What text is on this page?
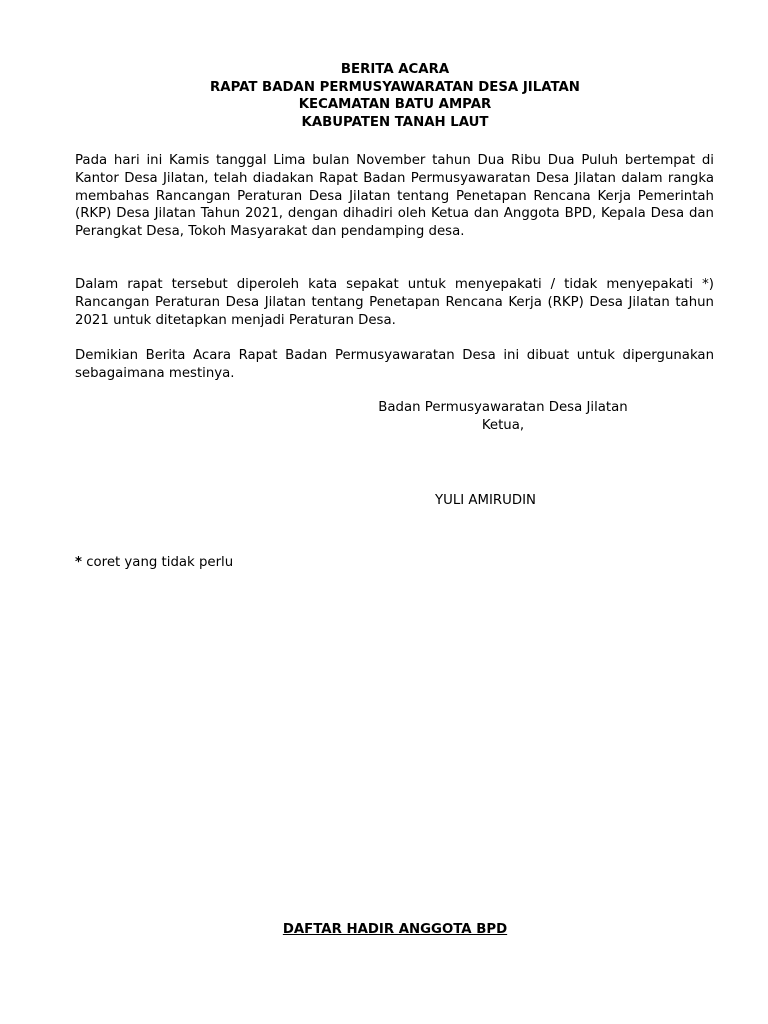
BERITA ACARA
RAPAT BADAN PERMUSYAWARATAN DESA JILATAN
KECAMATAN BATU AMPAR
KABUPATEN TANAH LAUT
Pada hari ini Kamis tanggal Lima bulan November tahun Dua Ribu Dua Puluh bertempat di Kantor Desa Jilatan, telah diadakan Rapat Badan Permusyawaratan Desa Jilatan dalam rangka membahas Rancangan Peraturan Desa Jilatan tentang Penetapan Rencana Kerja Pemerintah (RKP) Desa Jilatan Tahun 2021, dengan dihadiri oleh Ketua dan Anggota BPD, Kepala Desa dan Perangkat Desa, Tokoh Masyarakat dan pendamping desa.
Dalam rapat tersebut diperoleh kata sepakat untuk menyepakati / tidak menyepakati *) Rancangan Peraturan Desa Jilatan tentang Penetapan Rencana Kerja (RKP) Desa Jilatan tahun 2021 untuk ditetapkan menjadi Peraturan Desa.
Demikian Berita Acara Rapat Badan Permusyawaratan Desa ini dibuat untuk dipergunakan sebagaimana mestinya.
Badan Permusyawaratan Desa Jilatan
Ketua,
YULI AMIRUDIN
* coret yang tidak perlu
DAFTAR HADIR ANGGOTA BPD
